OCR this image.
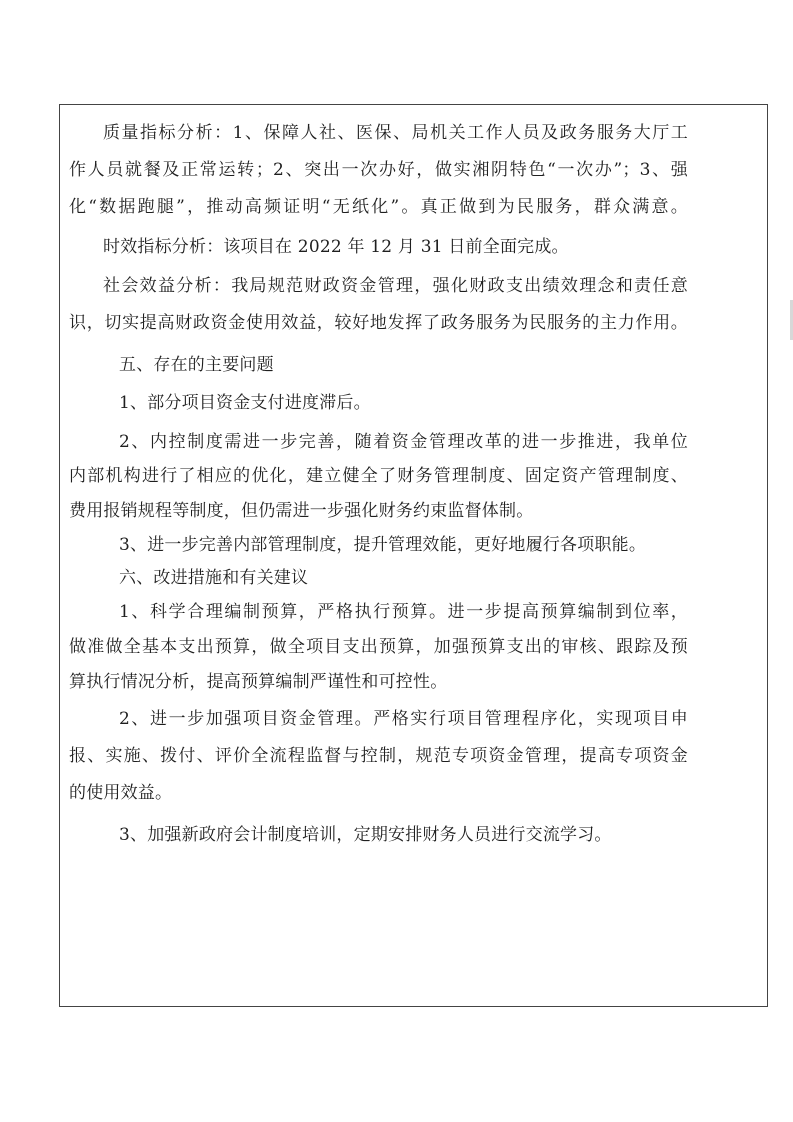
质量指标分析：1、保障人社、医保、局机关工作人员及政务服务大厅工
作人员就餐及正常运转；2、突出一次办好，做实湘阴特色“一次办”；3、强
化“数据跑腿”，推动高频证明“无纸化”。真正做到为民服务，群众满意。
时效指标分析：该项目在 2022 年 12 月 31 日前全面完成。
社会效益分析：我局规范财政资金管理，强化财政支出绩效理念和责任意
识，切实提高财政资金使用效益，较好地发挥了政务服务为民服务的主力作用。
五、存在的主要问题
1、部分项目资金支付进度滞后。
2、内控制度需进一步完善，随着资金管理改革的进一步推进，我单位
内部机构进行了相应的优化，建立健全了财务管理制度、固定资产管理制度、
费用报销规程等制度，但仍需进一步强化财务约束监督体制。
3、进一步完善内部管理制度，提升管理效能，更好地履行各项职能。
六、改进措施和有关建议
1、科学合理编制预算，严格执行预算。进一步提高预算编制到位率，
做准做全基本支出预算，做全项目支出预算，加强预算支出的审核、跟踪及预
算执行情况分析，提高预算编制严谨性和可控性。
2、进一步加强项目资金管理。严格实行项目管理程序化，实现项目申
报、实施、拨付、评价全流程监督与控制，规范专项资金管理，提高专项资金
的使用效益。
3、加强新政府会计制度培训，定期安排财务人员进行交流学习。
